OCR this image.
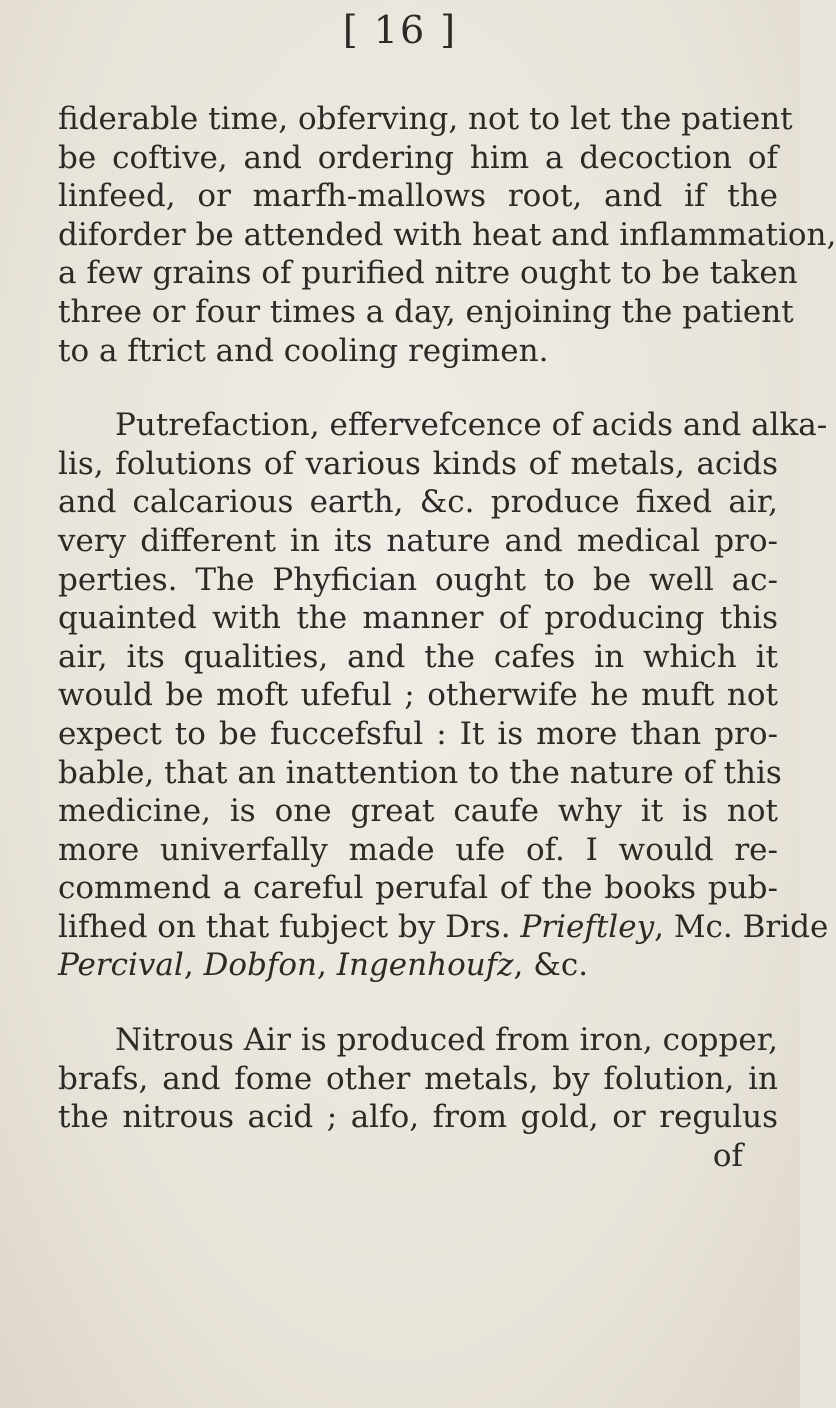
[ 16 ]
fiderable time, obferving, not to let the patient
be coftive, and ordering him a decoction of
linfeed, or marfh-mallows root, and if the
diforder be attended with heat and inflammation,
a few grains of purified nitre ought to be taken
three or four times a day, enjoining the patient
to a ftrict and cooling regimen.
Putrefaction, effervefcence of acids and alka-
lis, folutions of various kinds of metals, acids
and calcarious earth, &c. produce fixed air,
very different in its nature and medical pro-
perties. The Phyfician ought to be well ac-
quainted with the manner of producing this
air, its qualities, and the cafes in which it
would be moft ufeful ; otherwife he muft not
expect to be fuccefsful : It is more than pro-
bable, that an inattention to the nature of this
medicine, is one great caufe why it is not
more univerfally made ufe of. I would re-
commend a careful perufal of the books pub-
lifhed on that fubject by Drs. Prieftley, Mc. Bride
Percival, Dobfon, Ingenhoufz, &c.
Nitrous Air is produced from iron, copper,
brafs, and fome other metals, by folution, in
the nitrous acid ; alfo, from gold, or regulus
of
